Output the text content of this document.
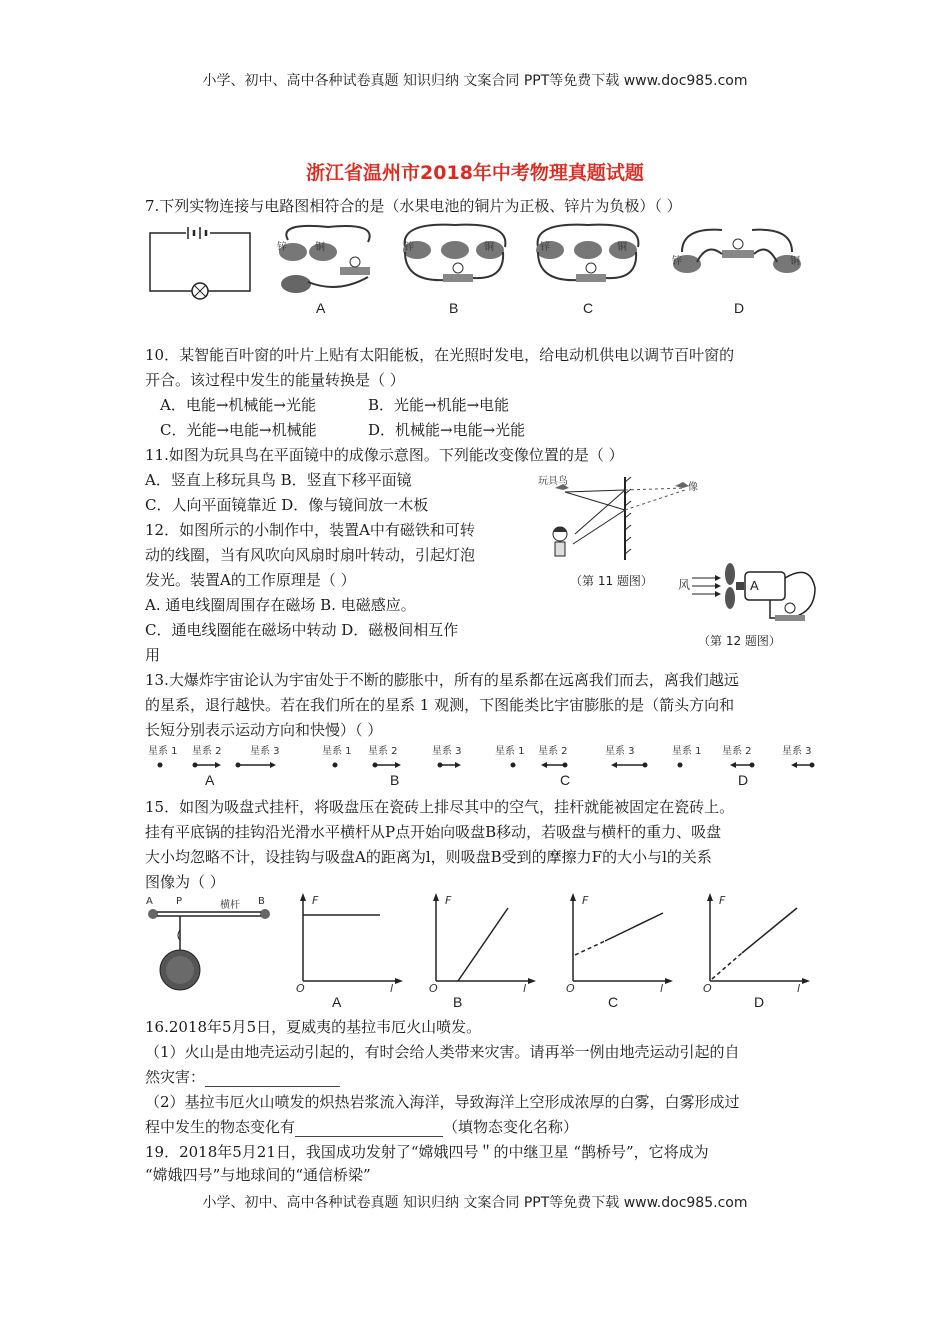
小学、初中、高中各种试卷真题 知识归纳 文案合同 PPT等免费下载 www.doc985.com
浙江省温州市2018年中考物理真题试题
7.下列实物连接与电路图相符合的是（水果电池的铜片为正极、锌片为负极）（ ）
锌	铜	锌	铜	锌	铜
锌	铜
A	B	C	D
10．某智能百叶窗的叶片上贴有太阳能板，在光照时发电，给电动机供电以调节百叶窗的
开合。该过程中发生的能量转换是（ ）
A．电能→机械能→光能	B．光能→机能→电能
C．光能→电能→机械能	D．机械能→电能→光能
11.如图为玩具鸟在平面镜中的成像示意图。下列能改变像位置的是（ ）
A．竖直上移玩具鸟 B．竖直下移平面镜
C．人向平面镜靠近 D．像与镜间放一木板
玩具鸟
像
（第 11 题图）
12．如图所示的小制作中，装置A中有磁铁和可转
动的线圈，当有风吹向风扇时扇叶转动，引起灯泡
发光。装置A的工作原理是（ ）
A. 通电线圈周围存在磁场 B. 电磁感应。
C．通电线圈能在磁场中转动 D．磁极间相互作
用
风	A
（第 12 题图）
13.大爆炸宇宙论认为宇宙处于不断的膨胀中，所有的星系都在远离我们而去，离我们越远
的星系，退行越快。若在我们所在的星系 1 观测，下图能类比宇宙膨胀的是（箭头方向和
长短分别表示运动方向和快慢）（ ）
星系 1 星系 2	星系 3
A
星系 1 星系 2	星系 3
B
星系 1 星系 2	星系 3
C
星系 1 星系 2	星系 3
D
15．如图为吸盘式挂杆，将吸盘压在瓷砖上排尽其中的空气，挂杆就能被固定在瓷砖上。
挂有平底锅的挂钩沿光滑水平横杆从P点开始向吸盘B移动，若吸盘与横杆的重力、吸盘
大小均忽略不计，设挂钩与吸盘A的距离为l，则吸盘B受到的摩擦力F的大小与l的关系
图像为（ ）
A P	横杆 B	F	F	F	F
O	O	O	O
l	l	l	l
A	B	C	D
16.2018年5月5日，夏威夷的基拉韦厄火山喷发。
（1）火山是由地壳运动引起的，有时会给人类带来灾害。请再举一例由地壳运动引起的自
然灾害：
（2）基拉韦厄火山喷发的炽热岩浆流入海洋，导致海洋上空形成浓厚的白雾，白雾形成过
程中发生的物态变化有	（填物态变化名称）
19．2018年5月21日，我国成功发射了“嫦娥四号＂的中继卫星 “鹊桥号”，它将成为
“嫦娥四号”与地球间的“通信桥梁”
小学、初中、高中各种试卷真题 知识归纳 文案合同 PPT等免费下载 www.doc985.com
